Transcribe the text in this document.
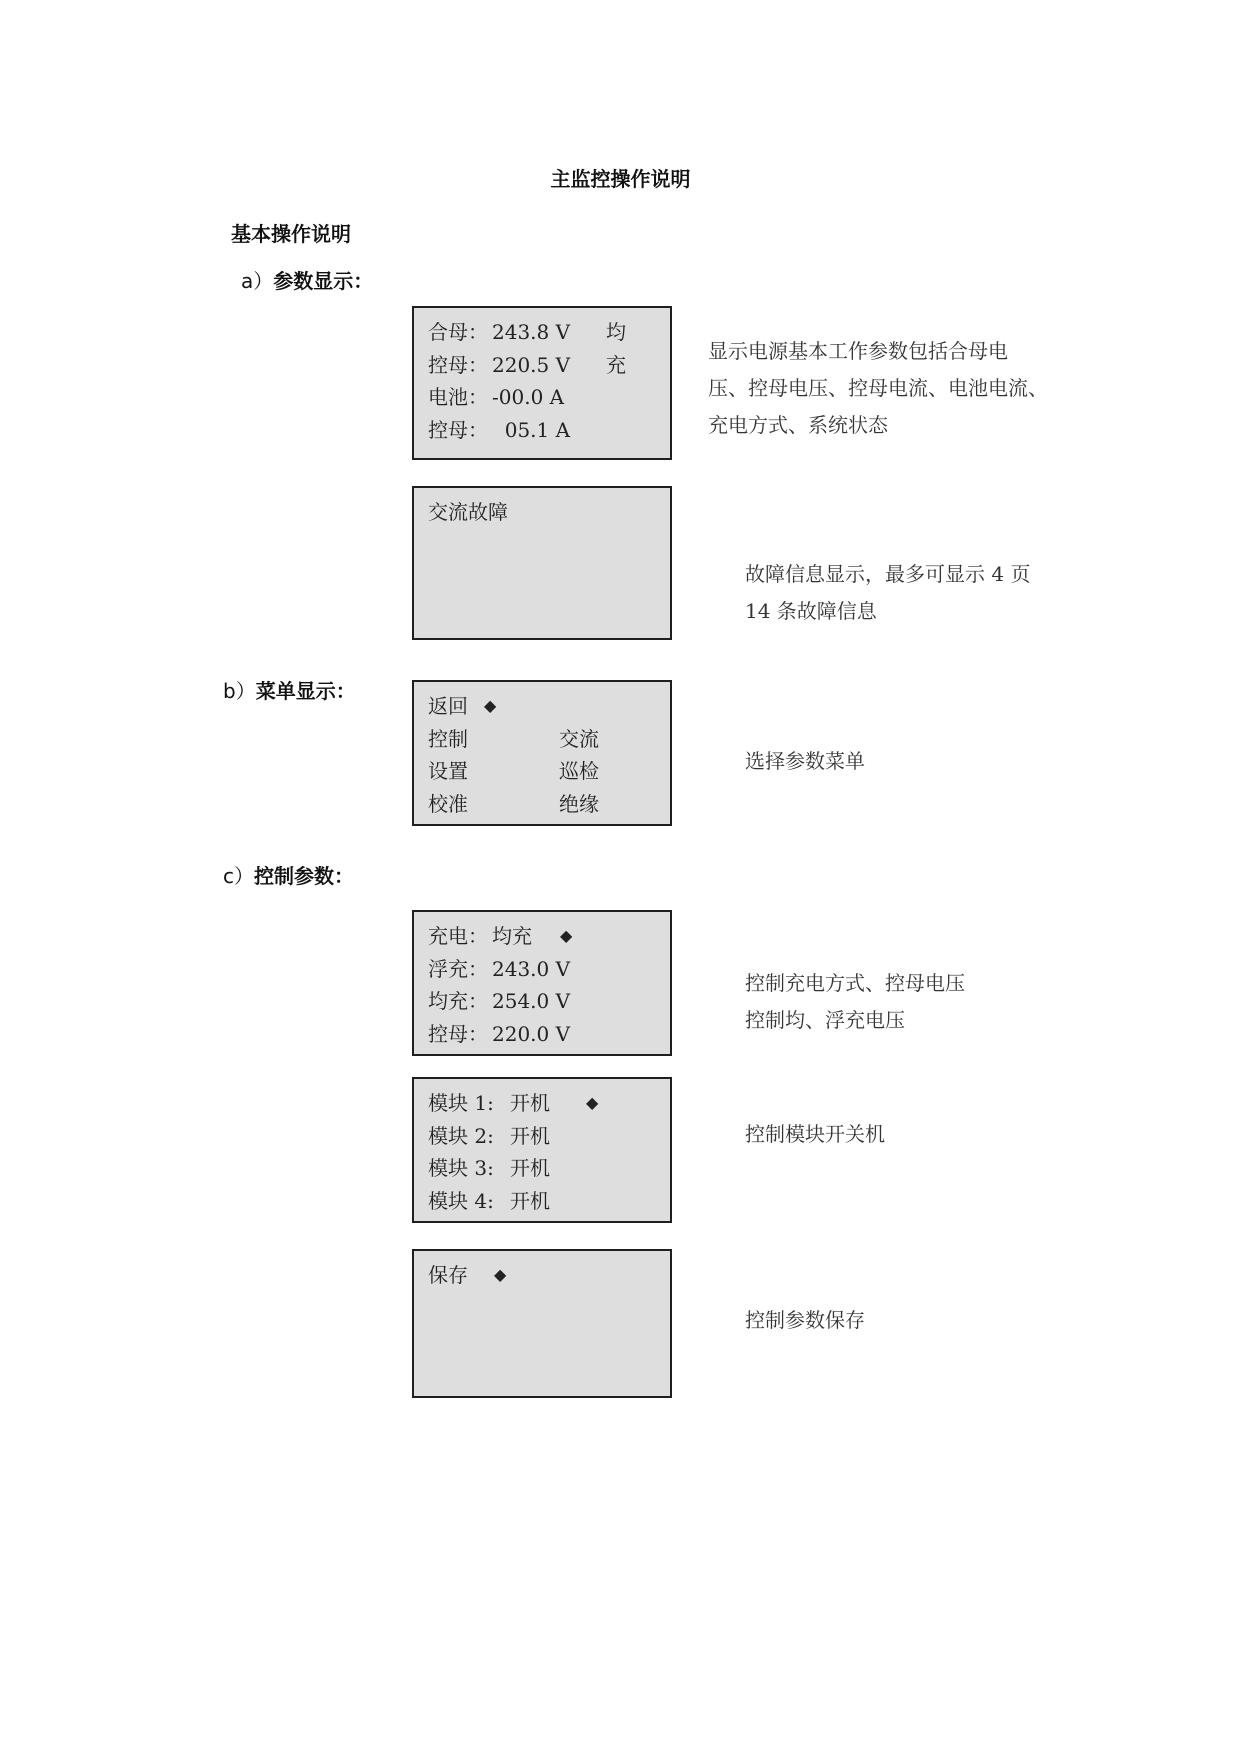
主监控操作说明
基本操作说明
a）参数显示：
合母： 243.8 V 均
控母： 220.5 V 充
电池： -00.0 A
控母： 05.1 A
显示电源基本工作参数包括合母电
压、控母电压、控母电流、电池电流、
充电方式、系统状态
交流故障
故障信息显示，最多可显示 4 页
14 条故障信息
b）菜单显示：
返回 ◆
控制	交流
设置	巡检
校准	绝缘
选择参数菜单
c）控制参数：
充电： 均充 ◆
浮充： 243.0 V
均充： 254.0 V
控母： 220.0 V
控制充电方式、控母电压
控制均、浮充电压
模块 1: 开机 ◆
模块 2: 开机
模块 3: 开机
模块 4: 开机
控制模块开关机
保存 ◆
控制参数保存
